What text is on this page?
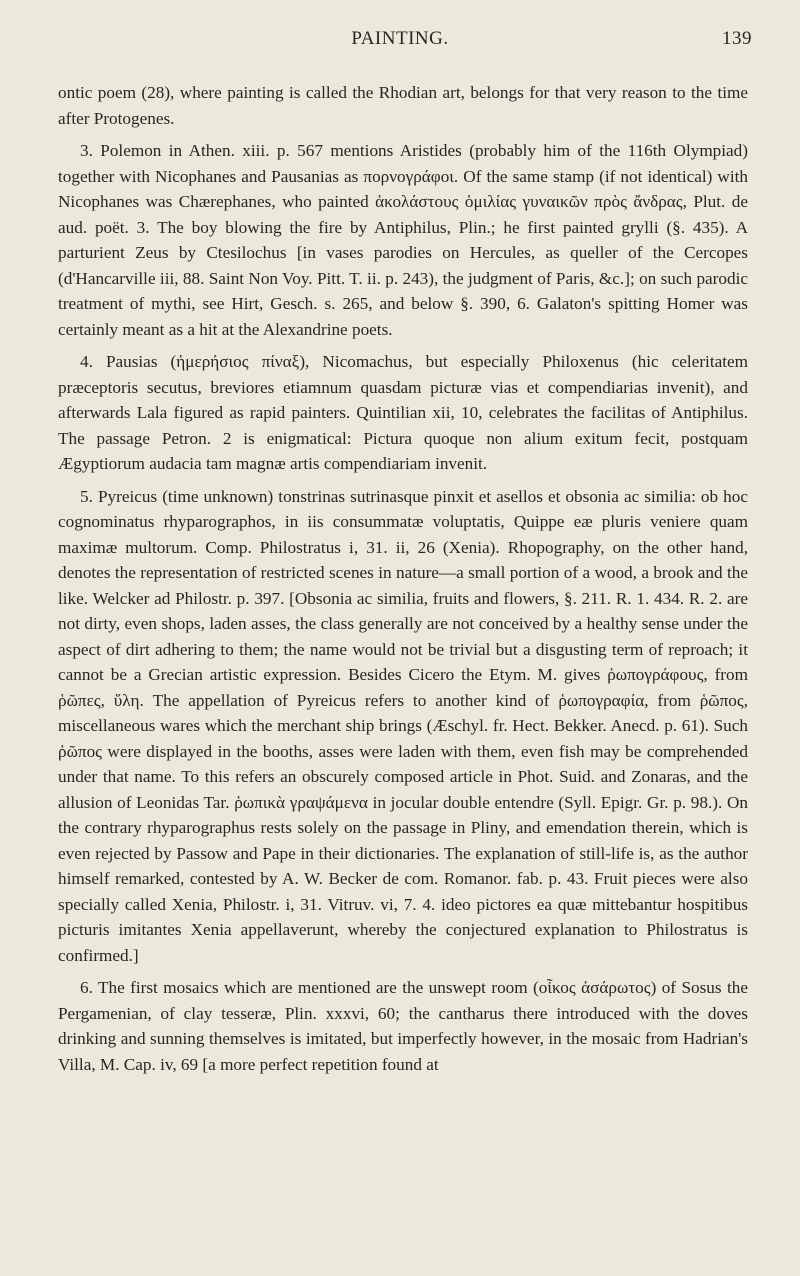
PAINTING.	139

ontic poem (28), where painting is called the Rhodian art, belongs for that very reason to the time after Protogenes.

3. Polemon in Athen. xiii. p. 567 mentions Aristides (probably him of the 116th Olympiad) together with Nicophanes and Pausanias as πορνογράφοι. Of the same stamp (if not identical) with Nicophanes was Chærephanes, who painted ἀκολάστους ὁμιλίας γυναικῶν πρὸς ἄνδρας, Plut. de aud. poët. 3. The boy blowing the fire by Antiphilus, Plin.; he first painted grylli (§. 435). A parturient Zeus by Ctesilochus [in vases parodies on Hercules, as queller of the Cercopes (d'Hancarville iii, 88. Saint Non Voy. Pitt. T. ii. p. 243), the judgment of Paris, &c.]; on such parodic treatment of mythi, see Hirt, Gesch. s. 265, and below §. 390, 6. Galaton's spitting Homer was certainly meant as a hit at the Alexandrine poets.

4. Pausias (ἡμερήσιος πίναξ), Nicomachus, but especially Philoxenus (hic celeritatem præceptoris secutus, breviores etiamnum quasdam picturæ vias et compendiarias invenit), and afterwards Lala figured as rapid painters. Quintilian xii, 10, celebrates the facilitas of Antiphilus. The passage Petron. 2 is enigmatical: Pictura quoque non alium exitum fecit, postquam Ægyptiorum audacia tam magnæ artis compendiariam invenit.

5. Pyreicus (time unknown) tonstrinas sutrinasque pinxit et asellos et obsonia ac similia: ob hoc cognominatus rhyparographos, in iis consummatæ voluptatis, Quippe eæ pluris veniere quam maximæ multorum. Comp. Philostratus i, 31. ii, 26 (Xenia). Rhopography, on the other hand, denotes the representation of restricted scenes in nature—a small portion of a wood, a brook and the like. Welcker ad Philostr. p. 397. [Obsonia ac similia, fruits and flowers, §. 211. R. 1. 434. R. 2. are not dirty, even shops, laden asses, the class generally are not conceived by a healthy sense under the aspect of dirt adhering to them; the name would not be trivial but a disgusting term of reproach; it cannot be a Grecian artistic expression. Besides Cicero the Etym. M. gives ῥωπογράφους, from ῥῶπες, ὕλη. The appellation of Pyreicus refers to another kind of ῥωπογραφία, from ῥῶπος, miscellaneous wares which the merchant ship brings (Æschyl. fr. Hect. Bekker. Anecd. p. 61). Such ῥῶπος were displayed in the booths, asses were laden with them, even fish may be comprehended under that name. To this refers an obscurely composed article in Phot. Suid. and Zonaras, and the allusion of Leonidas Tar. ῥωπικὰ γραψάμενα in jocular double entendre (Syll. Epigr. Gr. p. 98.). On the contrary rhyparographus rests solely on the passage in Pliny, and emendation therein, which is even rejected by Passow and Pape in their dictionaries. The explanation of still-life is, as the author himself remarked, contested by A. W. Becker de com. Romanor. fab. p. 43. Fruit pieces were also specially called Xenia, Philostr. i, 31. Vitruv. vi, 7. 4. ideo pictores ea quæ mittebantur hospitibus picturis imitantes Xenia appellaverunt, whereby the conjectured explanation to Philostratus is confirmed.]

6. The first mosaics which are mentioned are the unswept room (οἶκος ἀσάρωτος) of Sosus the Pergamenian, of clay tesseræ, Plin. xxxvi, 60; the cantharus there introduced with the doves drinking and sunning themselves is imitated, but imperfectly however, in the mosaic from Hadrian's Villa, M. Cap. iv, 69 [a more perfect repetition found at
